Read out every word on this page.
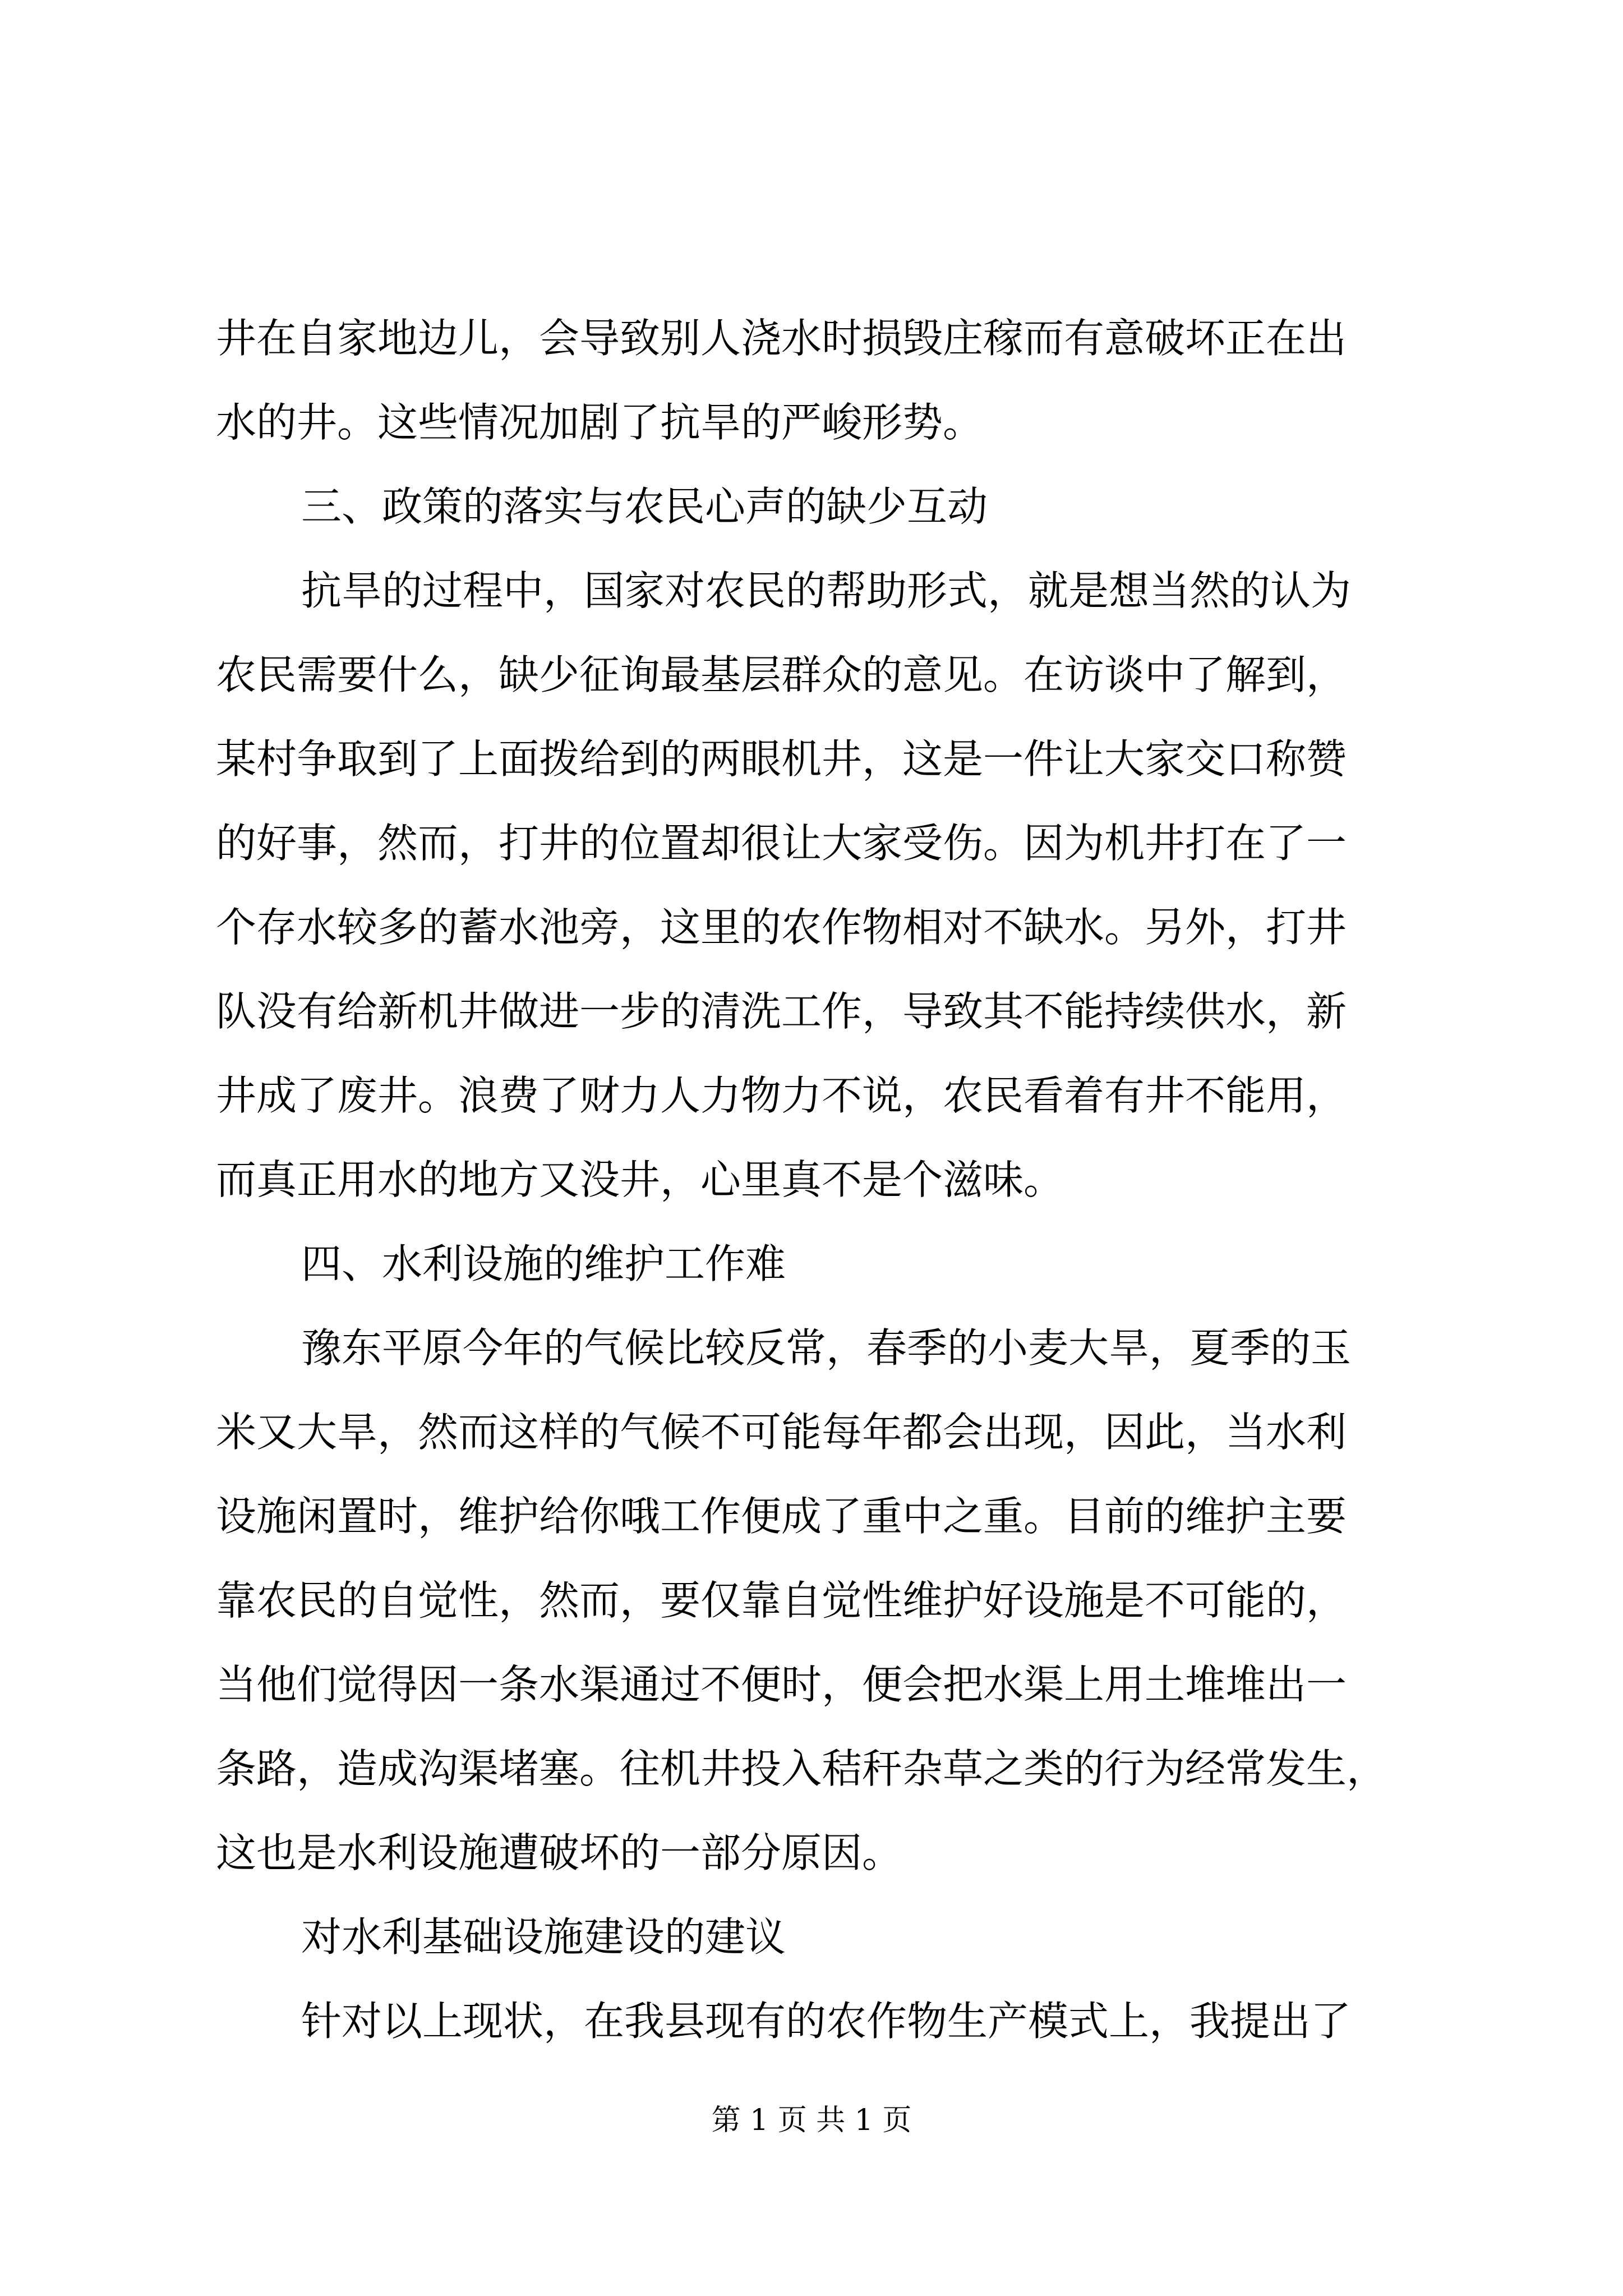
井在自家地边儿，会导致别人浇水时损毁庄稼而有意破坏正在出
水的井。这些情况加剧了抗旱的严峻形势。
三、政策的落实与农民心声的缺少互动
抗旱的过程中，国家对农民的帮助形式，就是想当然的认为
农民需要什么，缺少征询最基层群众的意见。在访谈中了解到，
某村争取到了上面拨给到的两眼机井，这是一件让大家交口称赞
的好事，然而，打井的位置却很让大家受伤。因为机井打在了一
个存水较多的蓄水池旁，这里的农作物相对不缺水。另外，打井
队没有给新机井做进一步的清洗工作，导致其不能持续供水，新
井成了废井。浪费了财力人力物力不说，农民看着有井不能用，
而真正用水的地方又没井，心里真不是个滋味。
四、水利设施的维护工作难
豫东平原今年的气候比较反常，春季的小麦大旱，夏季的玉
米又大旱，然而这样的气候不可能每年都会出现，因此，当水利
设施闲置时，维护给你哦工作便成了重中之重。目前的维护主要
靠农民的自觉性，然而，要仅靠自觉性维护好设施是不可能的，
当他们觉得因一条水渠通过不便时，便会把水渠上用土堆堆出一
条路，造成沟渠堵塞。往机井投入秸秆杂草之类的行为经常发生，
这也是水利设施遭破坏的一部分原因。
对水利基础设施建设的建议
针对以上现状，在我县现有的农作物生产模式上，我提出了
第 1 页 共 1 页
